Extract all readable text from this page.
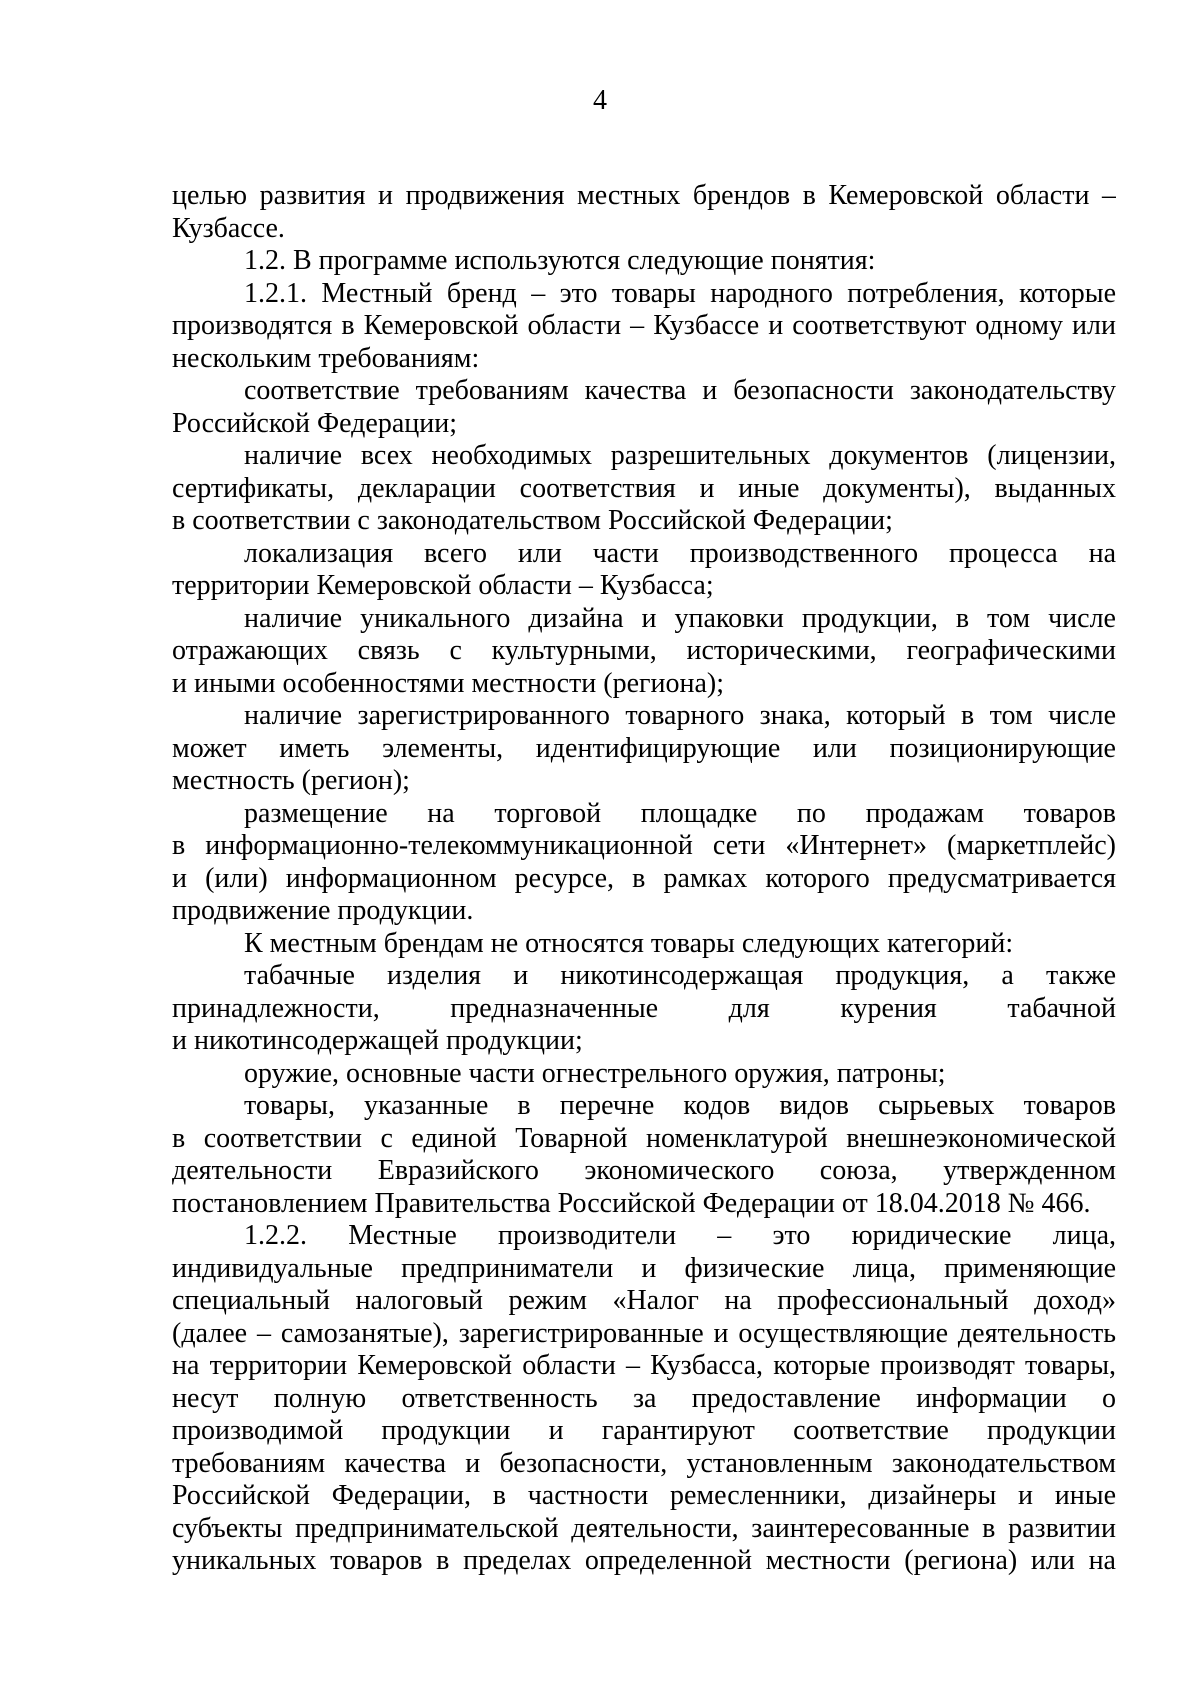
4
целью развития и продвижения местных брендов в Кемеровской области –
Кузбассе.
1.2. В программе используются следующие понятия:
1.2.1. Местный бренд – это товары народного потребления, которые
производятся в Кемеровской области – Кузбассе и соответствуют одному или
нескольким требованиям:
соответствие требованиям качества и безопасности законодательству
Российской Федерации;
наличие всех необходимых разрешительных документов (лицензии,
сертификаты, декларации соответствия и иные документы), выданных
в соответствии с законодательством Российской Федерации;
локализация всего или части производственного процесса на
территории Кемеровской области – Кузбасса;
наличие уникального дизайна и упаковки продукции, в том числе
отражающих связь с культурными, историческими, географическими
и иными особенностями местности (региона);
наличие зарегистрированного товарного знака, который в том числе
может иметь элементы, идентифицирующие или позиционирующие
местность (регион);
размещение на торговой площадке по продажам товаров
в информационно-телекоммуникационной сети «Интернет» (маркетплейс)
и (или) информационном ресурсе, в рамках которого предусматривается
продвижение продукции.
К местным брендам не относятся товары следующих категорий:
табачные изделия и никотинсодержащая продукция, а также
принадлежности, предназначенные для курения табачной
и никотинсодержащей продукции;
оружие, основные части огнестрельного оружия, патроны;
товары, указанные в перечне кодов видов сырьевых товаров
в соответствии с единой Товарной номенклатурой внешнеэкономической
деятельности Евразийского экономического союза, утвержденном
постановлением Правительства Российской Федерации от 18.04.2018 № 466.
1.2.2. Местные производители – это юридические лица,
индивидуальные предприниматели и физические лица, применяющие
специальный налоговый режим «Налог на профессиональный доход»
(далее – самозанятые), зарегистрированные и осуществляющие деятельность
на территории Кемеровской области – Кузбасса, которые производят товары,
несут полную ответственность за предоставление информации о
производимой продукции и гарантируют соответствие продукции
требованиям качества и безопасности, установленным законодательством
Российской Федерации, в частности ремесленники, дизайнеры и иные
субъекты предпринимательской деятельности, заинтересованные в развитии
уникальных товаров в пределах определенной местности (региона) или на
